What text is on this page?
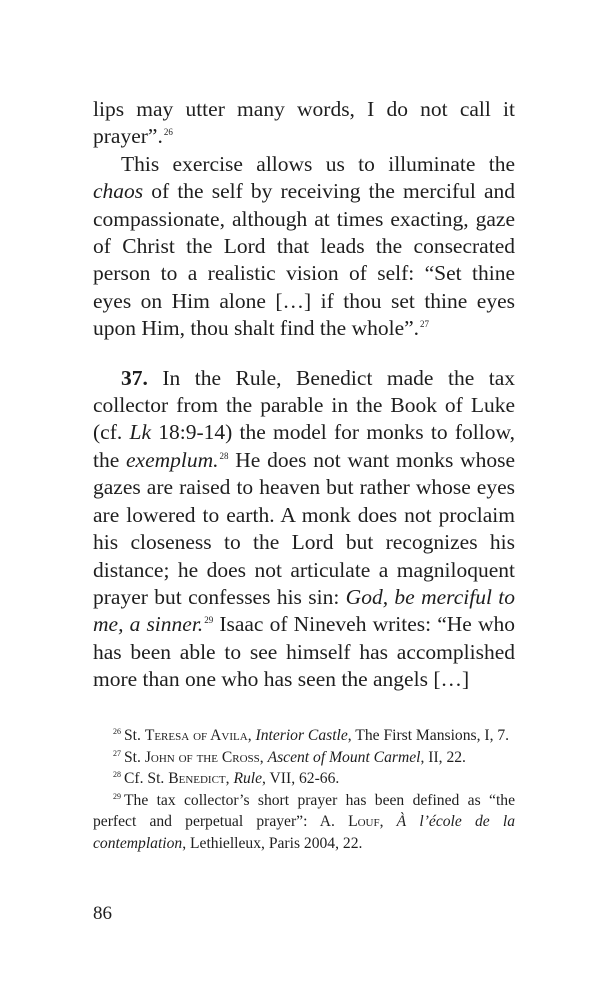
lips may utter many words, I do not call it prayer”.$^{26}$

This exercise allows us to illuminate the chaos of the self by receiving the merciful and compassionate, although at times exacting, gaze of Christ the Lord that leads the consecrated person to a realistic vision of self: “Set thine eyes on Him alone […] if thou set thine eyes upon Him, thou shalt find the whole”.$^{27}$

37. In the Rule, Benedict made the tax collector from the parable in the Book of Luke (cf. Lk 18:9-14) the model for monks to follow, the exemplum.$^{28}$ He does not want monks whose gazes are raised to heaven but rather whose eyes are lowered to earth. A monk does not proclaim his closeness to the Lord but recognizes his distance; he does not articulate a magniloquent prayer but confesses his sin: God, be merciful to me, a sinner.$^{29}$ Isaac of Nineveh writes: “He who has been able to see himself has accomplished more than one who has seen the angels […]

$^{26}$ St. Teresa of Avila, Interior Castle, The First Mansions, I, 7.

$^{27}$ St. John of the Cross, Ascent of Mount Carmel, II, 22.

$^{28}$ Cf. St. Benedict, Rule, VII, 62-66.

$^{29}$ The tax collector’s short prayer has been defined as “the perfect and perpetual prayer”: A. Louf, À l’école de la contemplation, Lethielleux, Paris 2004, 22.

86
